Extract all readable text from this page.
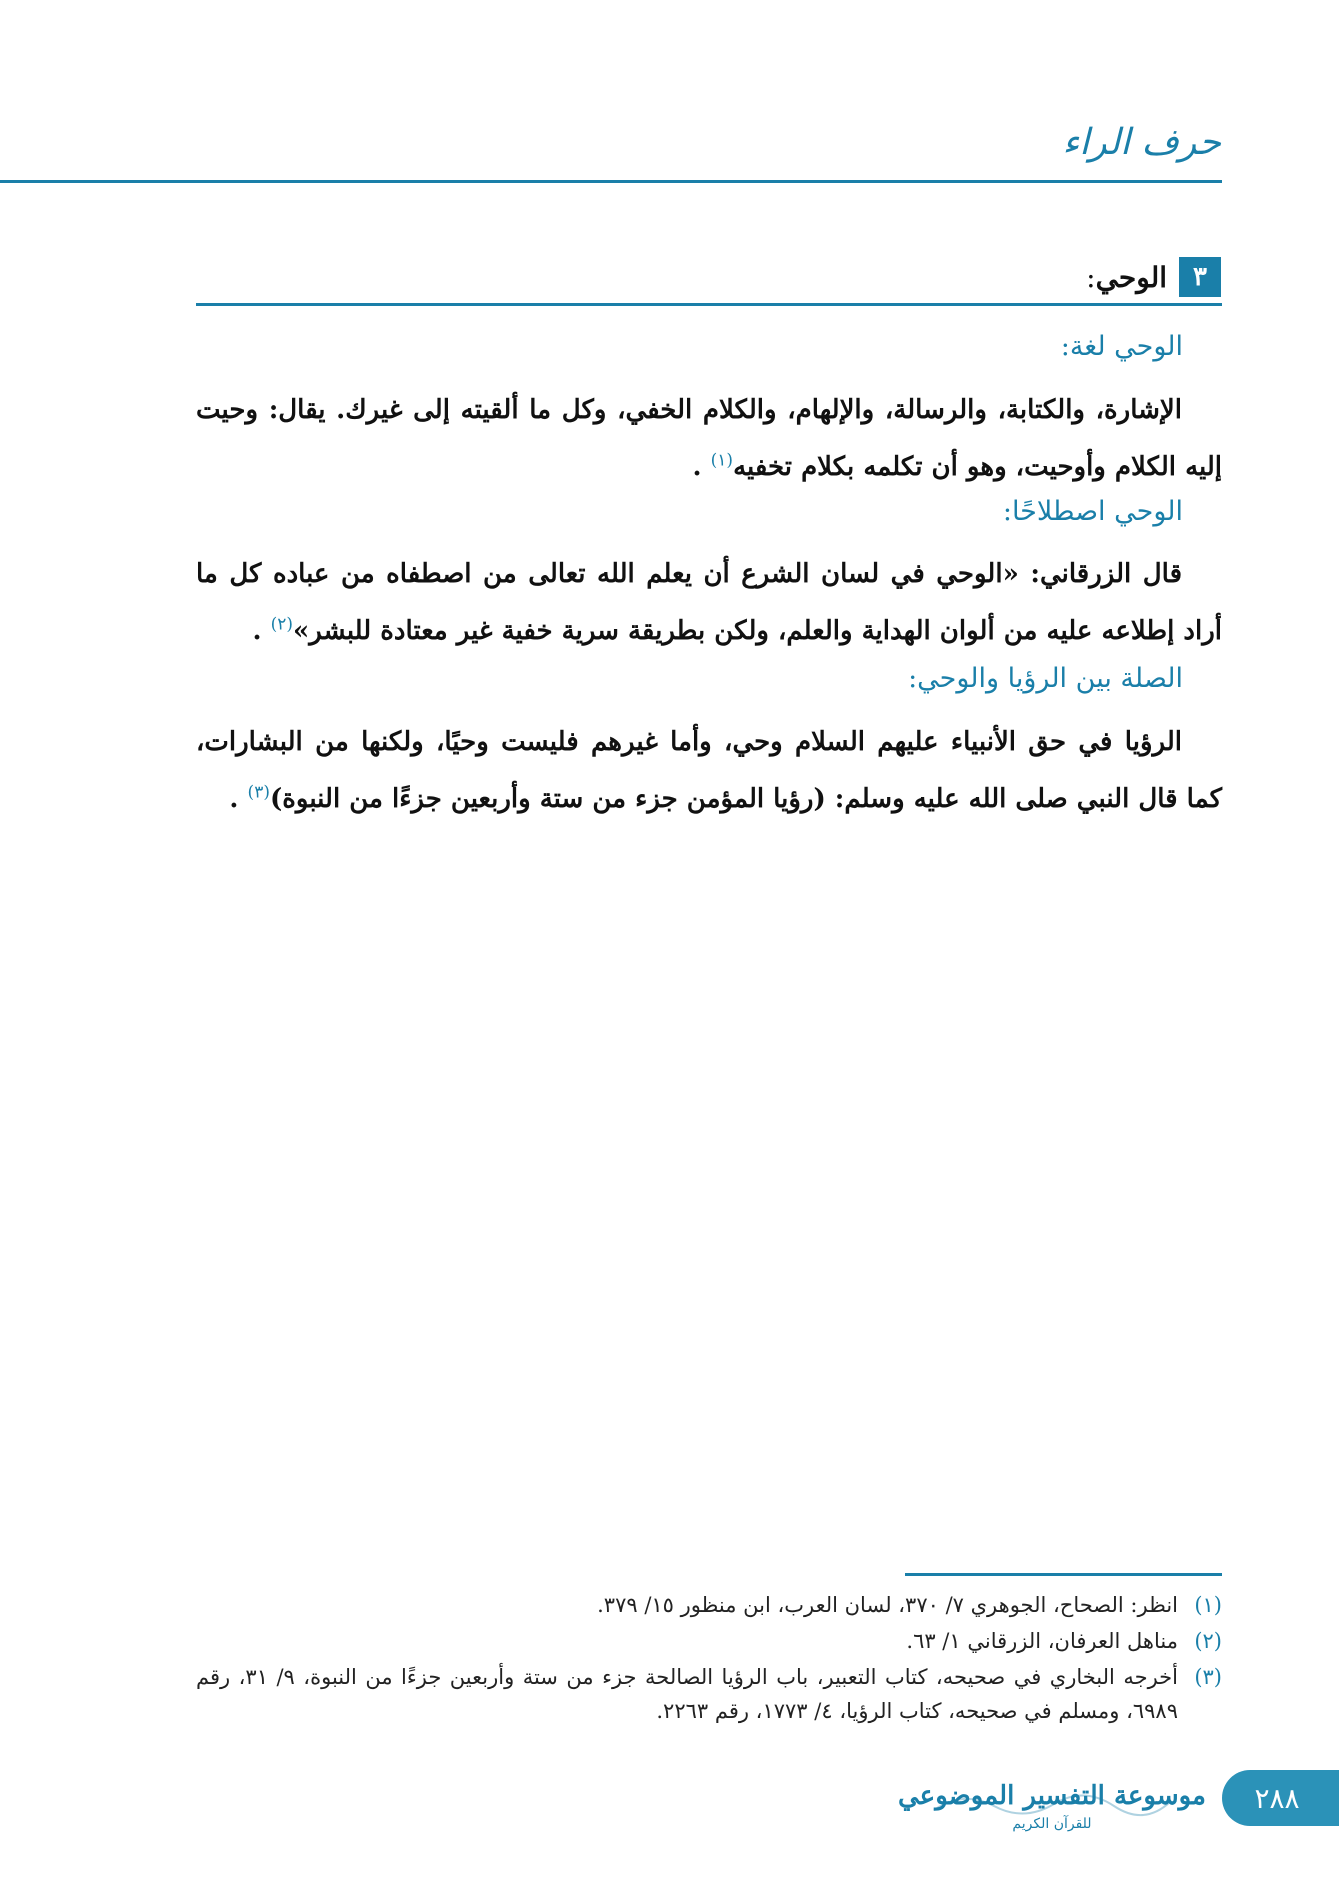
حرف الراء
٣
الوحي:
الوحي لغة:
الإشارة، والكتابة، والرسالة، والإلهام، والكلام الخفي، وكل ما ألقيته إلى غيرك. يقال: وحيت إليه الكلام وأوحيت، وهو أن تكلمه بكلام تخفيه$^{(١)}$ .
الوحي اصطلاحًا:
قال الزرقاني: «الوحي في لسان الشرع أن يعلم الله تعالى من اصطفاه من عباده كل ما أراد إطلاعه عليه من ألوان الهداية والعلم، ولكن بطريقة سرية خفية غير معتادة للبشر»$^{(٢)}$ .
الصلة بين الرؤيا والوحي:
الرؤيا في حق الأنبياء عليهم السلام وحي، وأما غيرهم فليست وحيًا، ولكنها من البشارات، كما قال النبي صلى الله عليه وسلم: (رؤيا المؤمن جزء من ستة وأربعين جزءًا من النبوة)$^{(٣)}$ .
(١)
انظر: الصحاح، الجوهري ٧/ ٣٧٠، لسان العرب، ابن منظور ١٥/ ٣٧٩.
(٢)
مناهل العرفان، الزرقاني ١/ ٦٣.
(٣)
أخرجه البخاري في صحيحه، كتاب التعبير، باب الرؤيا الصالحة جزء من ستة وأربعين جزءًا من النبوة، ٩/ ٣١، رقم ٦٩٨٩، ومسلم في صحيحه، كتاب الرؤيا، ٤/ ١٧٧٣، رقم ٢٢٦٣.
موسوعة التفسير الموضوعي
للقرآن الكريم
٢٨٨
